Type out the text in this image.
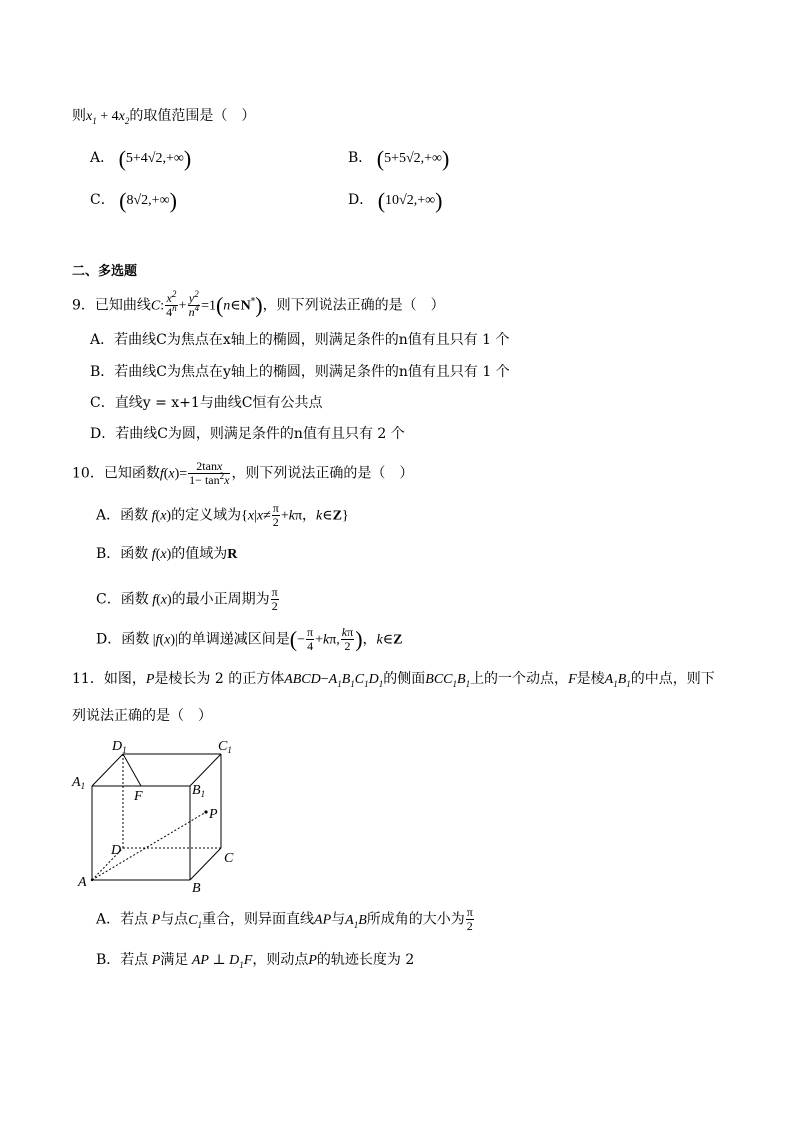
则$x_1 + 4x_2$的取值范围是（　）
A． (5+4√2,+∞)	B． (5+5√2,+∞)
C． (8√2,+∞)	D． (10√2,+∞)
二、多选题
9．已知曲线C: $\frac{x^2}{4^n} + \frac{y^2}{n^4}$ =1(n∈N*)，则下列说法正确的是（　）
A．若曲线C为焦点在x轴上的椭圆，则满足条件的n值有且只有 1 个
B．若曲线C为焦点在y轴上的椭圆，则满足条件的n值有且只有 1 个
C．直线y = x+1与曲线C恒有公共点
D．若曲线C为圆，则满足条件的n值有且只有 2 个
10．已知函数$f(x)= \frac{2\tan x}{1- \tan^2x}$ ，则下列说法正确的是（　）
A．函数 f(x)的定义域为{$x|x\ne \frac{\pi}{2} +k\pi$，k∈Z}
B．函数 f(x)的值域为R
C．函数 f(x)的最小正周期为 $\frac{\pi}{2}$
D．函数 |f(x)|的单调递减区间是(− $\frac{\pi}{4} +k\pi$, $\frac{k\pi}{2}$ )，k∈Z
11．如图，P是棱长为 2 的正方体$ABCD-A_1B_1C_1D_1$的侧面$BCC_1B_1$上的一个动点，F是棱$A_1B_1$的中点，则下
列说法正确的是（　）
$D_1$	$C_1$
$A_1$	$B_1$
F
P
D
C
A	B
A．若点 P与点$C_1$重合，则异面直线AP与$A_1B$所成角的大小为 $\frac{\pi}{2}$
B．若点 P满足 AP ⊥ $D_1F$，则动点P的轨迹长度为 2
